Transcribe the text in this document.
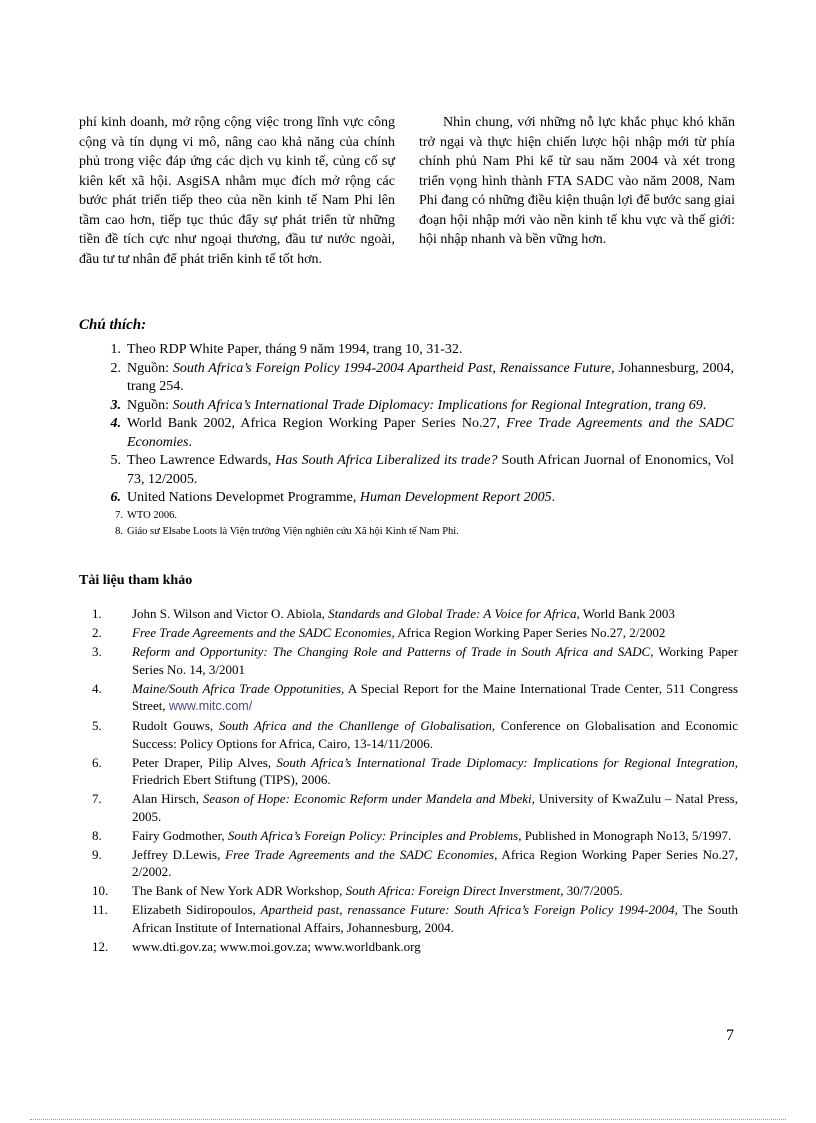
phí kinh doanh, mở rộng cộng việc trong lĩnh vực công cộng và tín dụng vi mô, nâng cao khả năng của chính phủ trong việc đáp ứng các dịch vụ kinh tế, củng cố sự kiên kết xã hội. AsgiSA nhằm mục đích mở rộng các bước phát triển tiếp theo của nền kinh tế Nam Phi lên tầm cao hơn, tiếp tục thúc đẩy sự phát triển từ những tiền đề tích cực như ngoại thương, đầu tư nước ngoài, đầu tư tư nhân để phát triển kinh tế tốt hơn.
Nhìn chung, với những nỗ lực khắc phục khó khăn trở ngại và thực hiện chiến lược hội nhập mới từ phía chính phủ Nam Phi kể từ sau năm 2004 và xét trong triển vọng hình thành FTA SADC vào năm 2008, Nam Phi đang có những điều kiện thuận lợi để bước sang giai đoạn hội nhập mới vào nền kinh tế khu vực và thế giới: hội nhập nhanh và bền vững hơn.
Chú thích:
1. Theo RDP White Paper, tháng 9 năm 1994, trang 10, 31-32.
2. Nguồn: South Africa’s Foreign Policy 1994-2004 Apartheid Past, Renaissance Future, Johannesburg, 2004, trang 254.
3. Nguồn: South Africa’s International Trade Diplomacy: Implications for Regional Integration, trang 69.
4. World Bank 2002, Africa Region Working Paper Series No.27, Free Trade Agreements and the SADC Economies.
5. Theo Lawrence Edwards, Has South Africa Liberalized its trade? South African Juornal of Enonomics, Vol 73, 12/2005.
6. United Nations Developmet Programme, Human Development Report 2005.
7. WTO 2006.
8. Giáo sư Elsabe Loots là Viện trưởng Viện nghiên cứu Xã hội Kinh tế Nam Phi.
Tài liệu tham khảo
1.	John S. Wilson and Victor O. Abiola, Standards and Global Trade: A Voice for Africa, World Bank 2003
2.	Free Trade Agreements and the SADC Economies, Africa Region Working Paper Series No.27, 2/2002
3.	Reform and Opportunity: The Changing Role and Patterns of Trade in South Africa and SADC, Working Paper Series No. 14, 3/2001
4.	Maine/South Africa Trade Oppotunities, A Special Report for the Maine International Trade Center, 511 Congress Street, www.mitc.com/
5.	Rudolt Gouws, South Africa and the Chanllenge of Globalisation, Conference on Globalisation and Economic Success: Policy Options for Africa, Cairo, 13-14/11/2006.
6.	Peter Draper, Pilip Alves, South Africa’s International Trade Diplomacy: Implications for Regional Integration, Friedrich Ebert Stiftung (TIPS), 2006.
7.	Alan Hirsch, Season of Hope: Economic Reform under Mandela and Mbeki, University of KwaZulu – Natal Press, 2005.
8.	Fairy Godmother, South Africa’s Foreign Policy: Principles and Problems, Published in Monograph No13, 5/1997.
9.	Jeffrey D.Lewis, Free Trade Agreements and the SADC Economies, Africa Region Working Paper Series No.27, 2/2002.
10.	The Bank of New York ADR Workshop, South Africa: Foreign Direct Inverstment, 30/7/2005.
11.	Elizabeth Sidiropoulos, Apartheid past, renassance Future: South Africa’s Foreign Policy 1994-2004, The South African Institute of International Affairs, Johannesburg, 2004.
12.	www.dti.gov.za; www.moi.gov.za; www.worldbank.org
7
